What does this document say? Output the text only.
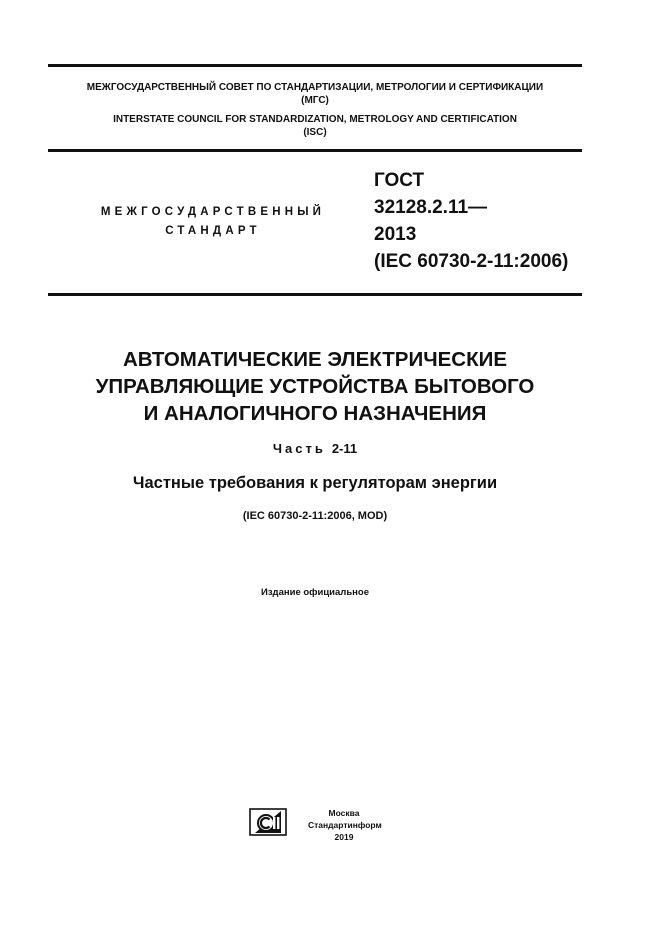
МЕЖГОСУДАРСТВЕННЫЙ СОВЕТ ПО СТАНДАРТИЗАЦИИ, МЕТРОЛОГИИ И СЕРТИФИКАЦИИ
(МГС)
INTERSTATE COUNCIL FOR STANDARDIZATION, METROLOGY AND CERTIFICATION
(ISC)
МЕЖГОСУДАРСТВЕННЫЙ
СТАНДАРТ
ГОСТ
32128.2.11—
2013
(IEC 60730-2-11:2006)
АВТОМАТИЧЕСКИЕ ЭЛЕКТРИЧЕСКИЕ
УПРАВЛЯЮЩИЕ УСТРОЙСТВА БЫТОВОГО
И АНАЛОГИЧНОГО НАЗНАЧЕНИЯ
Часть 2-11
Частные требования к регуляторам энергии
(IEC 60730-2-11:2006, MOD)
Издание официальное
Москва
Стандартинформ
2019
